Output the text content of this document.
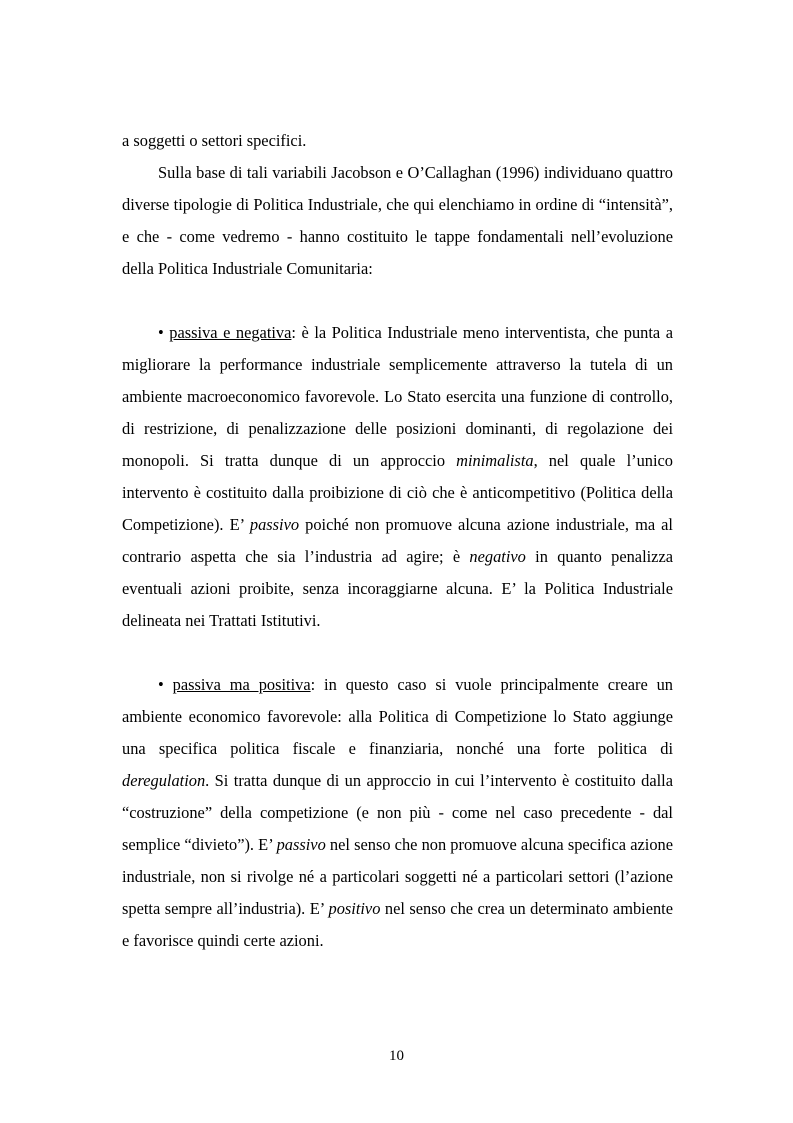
a soggetti o settori specifici.

Sulla base di tali variabili Jacobson e O’Callaghan (1996) individuano quattro diverse tipologie di Politica Industriale, che qui elenchiamo in ordine di “intensità”, e che - come vedremo - hanno costituito le tappe fondamentali nell’evoluzione della Politica Industriale Comunitaria:

• passiva e negativa: è la Politica Industriale meno interventista, che punta a migliorare la performance industriale semplicemente attraverso la tutela di un ambiente macroeconomico favorevole. Lo Stato esercita una funzione di controllo, di restrizione, di penalizzazione delle posizioni dominanti, di regolazione dei monopoli. Si tratta dunque di un approccio minimalista, nel quale l’unico intervento è costituito dalla proibizione di ciò che è anticompetitivo (Politica della Competizione). E’ passivo poiché non promuove alcuna azione industriale, ma al contrario aspetta che sia l’industria ad agire; è negativo in quanto penalizza eventuali azioni proibite, senza incoraggiarne alcuna. E’ la Politica Industriale delineata nei Trattati Istitutivi.

• passiva ma positiva: in questo caso si vuole principalmente creare un ambiente economico favorevole: alla Politica di Competizione lo Stato aggiunge una specifica politica fiscale e finanziaria, nonché una forte politica di deregulation. Si tratta dunque di un approccio in cui l’intervento è costituito dalla “costruzione” della competizione (e non più - come nel caso precedente - dal semplice “divieto”). E’ passivo nel senso che non promuove alcuna specifica azione industriale, non si rivolge né a particolari soggetti né a particolari settori (l’azione spetta sempre all’industria). E’ positivo nel senso che crea un determinato ambiente e favorisce quindi certe azioni.

10
